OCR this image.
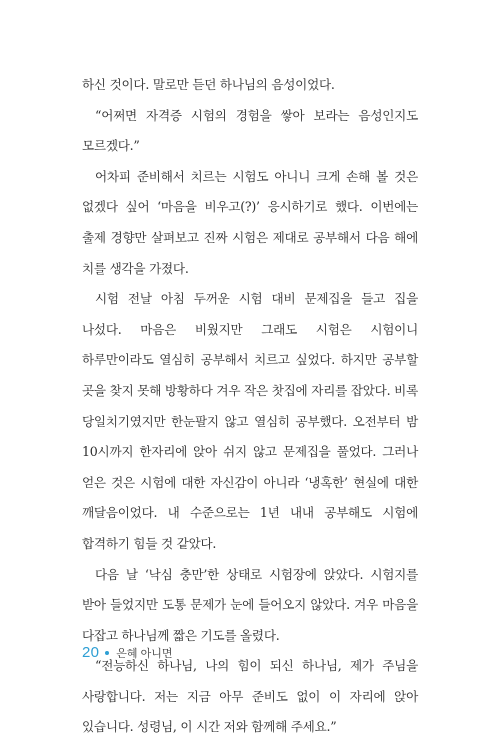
하신 것이다. 말로만 듣던 하나님의 음성이었다.

“어쩌면 자격증 시험의 경험을 쌓아 보라는 음성인지도 모르겠다.”

어차피 준비해서 치르는 시험도 아니니 크게 손해 볼 것은 없겠다 싶어 ‘마음을 비우고(?)’ 응시하기로 했다. 이번에는 출제 경향만 살펴보고 진짜 시험은 제대로 공부해서 다음 해에 치를 생각을 가졌다.

시험 전날 아침 두꺼운 시험 대비 문제집을 들고 집을 나섰다. 마음은 비웠지만 그래도 시험은 시험이니 하루만이라도 열심히 공부해서 치르고 싶었다. 하지만 공부할 곳을 찾지 못해 방황하다 겨우 작은 찻집에 자리를 잡았다. 비록 당일치기였지만 한눈팔지 않고 열심히 공부했다. 오전부터 밤 10시까지 한자리에 앉아 쉬지 않고 문제집을 풀었다. 그러나 얻은 것은 시험에 대한 자신감이 아니라 ‘냉혹한’ 현실에 대한 깨달음이었다. 내 수준으로는 1년 내내 공부해도 시험에 합격하기 힘들 것 같았다.

다음 날 ‘낙심 충만’한 상태로 시험장에 앉았다. 시험지를 받아 들었지만 도통 문제가 눈에 들어오지 않았다. 겨우 마음을 다잡고 하나님께 짧은 기도를 올렸다.

“전능하신 하나님, 나의 힘이 되신 하나님, 제가 주님을 사랑합니다. 저는 지금 아무 준비도 없이 이 자리에 앉아 있습니다. 성령님, 이 시간 저와 함께해 주세요.”

20 은혜 아니면
